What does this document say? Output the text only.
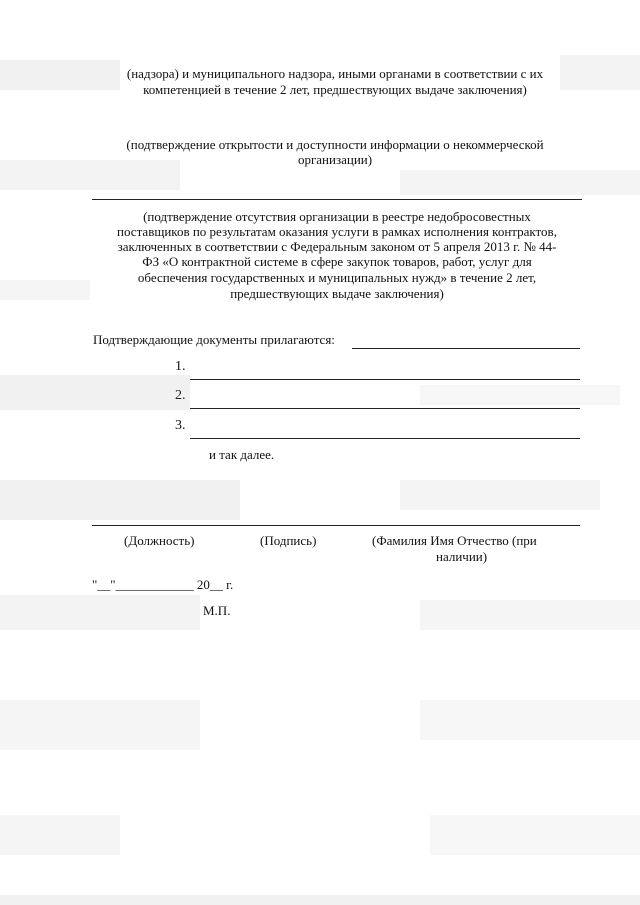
(надзора) и муниципального надзора, иными органами в соответствии с их
компетенцией в течение 2 лет, предшествующих выдаче заключения)
(подтверждение открытости и доступности информации о некоммерческой
организации)
(подтверждение отсутствия организации в реестре недобросовестных
поставщиков по результатам оказания услуги в рамках исполнения контрактов,
заключенных в соответствии с Федеральным законом от 5 апреля 2013 г. № 44-
ФЗ «О контрактной системе в сфере закупок товаров, работ, услуг для
обеспечения государственных и муниципальных нужд» в течение 2 лет,
предшествующих выдаче заключения)
Подтверждающие документы прилагаются:
1.
2.
3.
и так далее.
(Должность)	(Подпись)	(Фамилия Имя Отчество (при
наличии)
"__"____________ 20__ г.
М.П.
